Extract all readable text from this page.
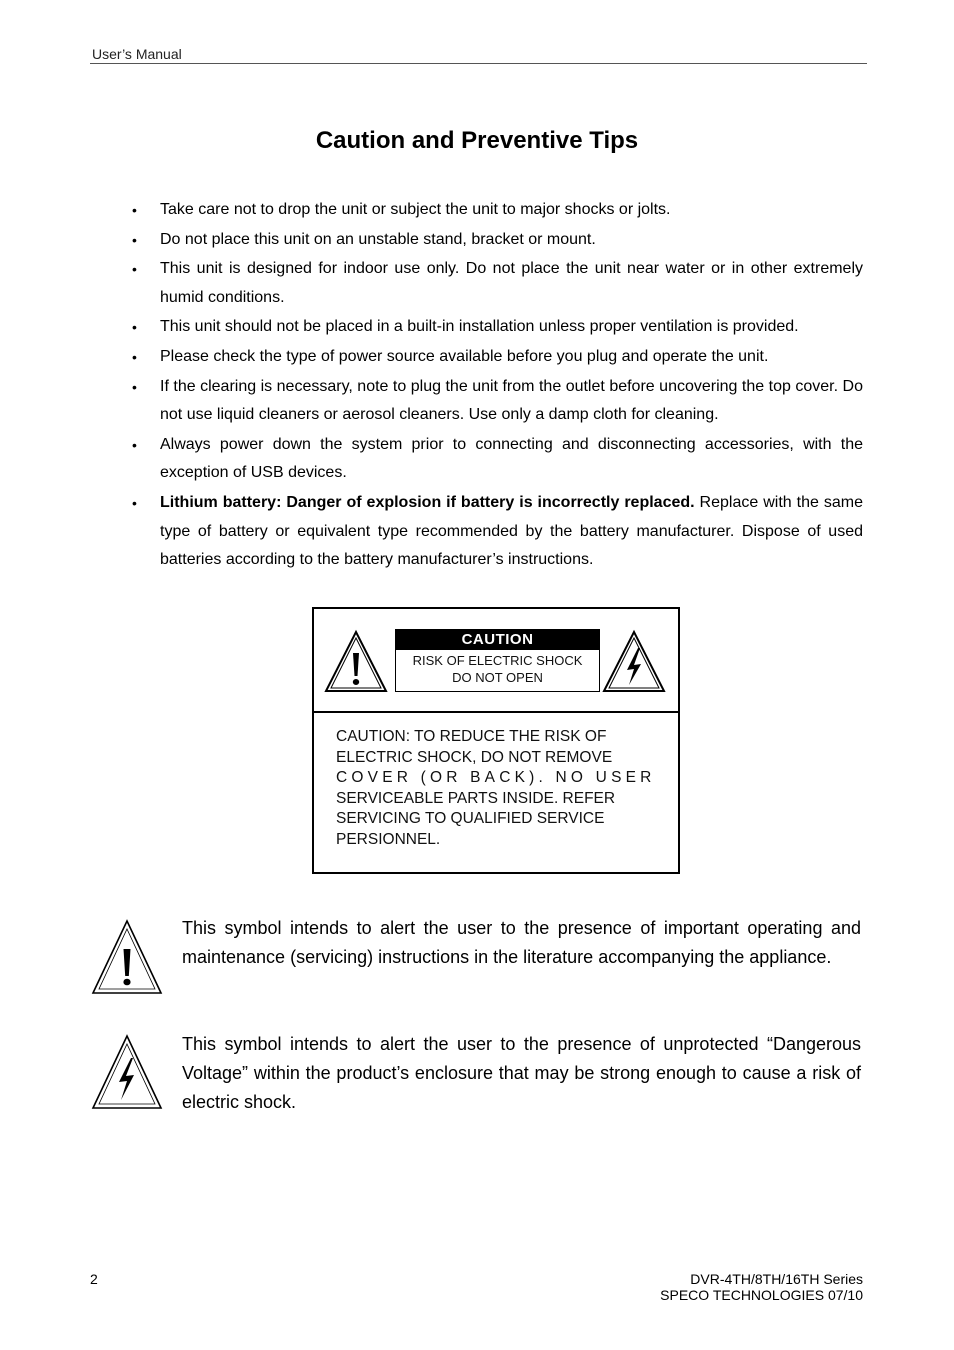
User’s Manual
Caution and Preventive Tips
• Take care not to drop the unit or subject the unit to major shocks or jolts.
• Do not place this unit on an unstable stand, bracket or mount.
• This unit is designed for indoor use only. Do not place the unit near water or in other extremely humid conditions.
• This unit should not be placed in a built-in installation unless proper ventilation is provided.
• Please check the type of power source available before you plug and operate the unit.
• If the clearing is necessary, note to plug the unit from the outlet before uncovering the top cover. Do not use liquid cleaners or aerosol cleaners. Use only a damp cloth for cleaning.
• Always power down the system prior to connecting and disconnecting accessories, with the exception of USB devices.
• Lithium battery: Danger of explosion if battery is incorrectly replaced. Replace with the same type of battery or equivalent type recommended by the battery manufacturer. Dispose of used batteries according to the battery manufacturer’s instructions.
CAUTION
RISK OF ELECTRIC SHOCK
DO NOT OPEN
CAUTION: TO REDUCE THE RISK OF
ELECTRIC SHOCK, DO NOT REMOVE
COVER (OR BACK). NO USER
SERVICEABLE PARTS INSIDE. REFER
SERVICING TO QUALIFIED SERVICE
PERSIONNEL.
This symbol intends to alert the user to the presence of important operating and maintenance (servicing) instructions in the literature accompanying the appliance.
This symbol intends to alert the user to the presence of unprotected “Dangerous Voltage” within the product’s enclosure that may be strong enough to cause a risk of electric shock.
2	DVR-4TH/8TH/16TH Series
SPECO TECHNOLOGIES 07/10
